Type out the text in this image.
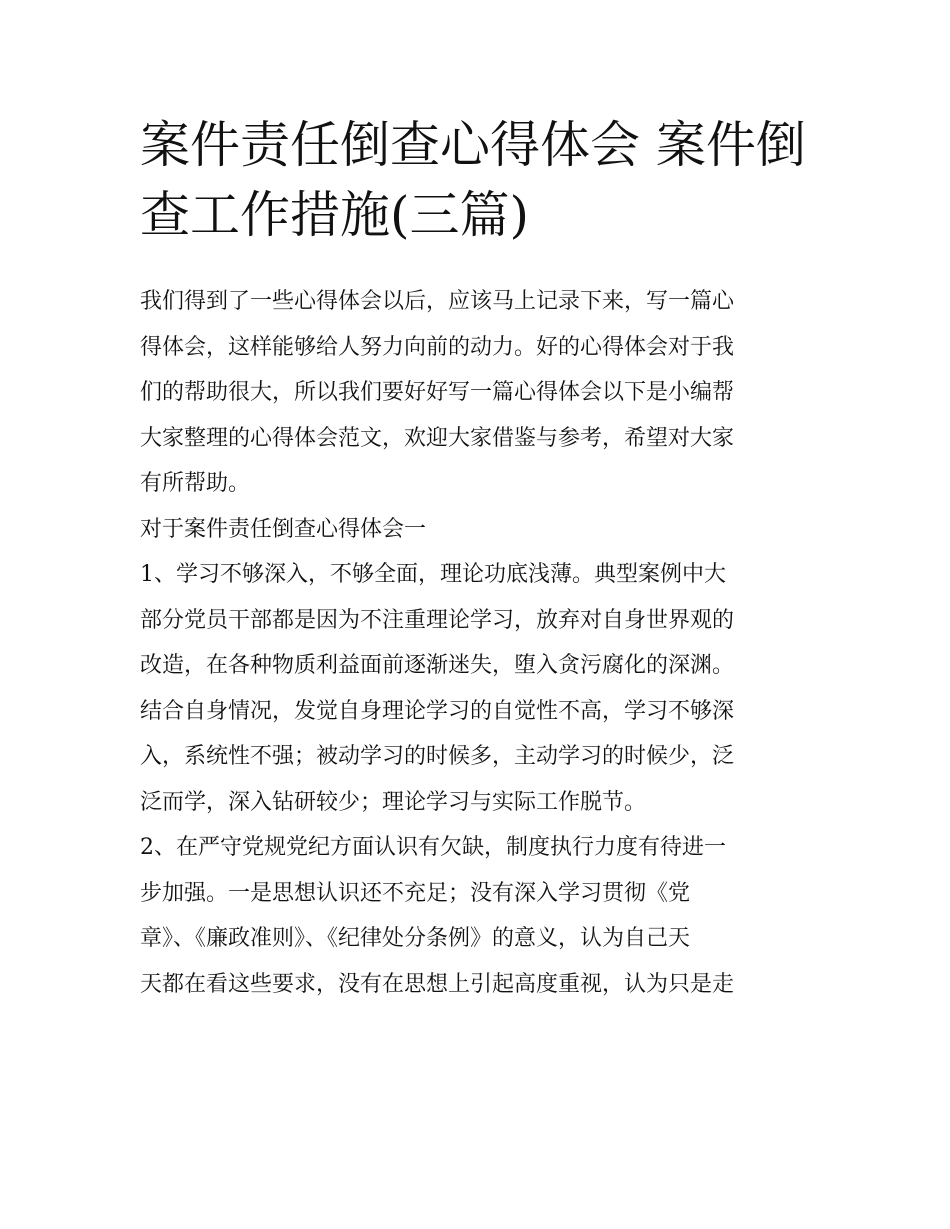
案件责任倒查心得体会 案件倒
查工作措施(三篇)

我们得到了一些心得体会以后，应该马上记录下来，写一篇心
得体会，这样能够给人努力向前的动力。好的心得体会对于我
们的帮助很大，所以我们要好好写一篇心得体会以下是小编帮
大家整理的心得体会范文，欢迎大家借鉴与参考，希望对大家
有所帮助。

对于案件责任倒查心得体会一

1、学习不够深入，不够全面，理论功底浅薄。典型案例中大
部分党员干部都是因为不注重理论学习，放弃对自身世界观的
改造，在各种物质利益面前逐渐迷失，堕入贪污腐化的深渊。
结合自身情况，发觉自身理论学习的自觉性不高，学习不够深
入，系统性不强；被动学习的时候多，主动学习的时候少，泛
泛而学，深入钻研较少；理论学习与实际工作脱节。

2、在严守党规党纪方面认识有欠缺，制度执行力度有待进一
步加强。一是思想认识还不充足；没有深入学习贯彻《党
章》、《廉政准则》、《纪律处分条例》的意义，认为自己天
天都在看这些要求，没有在思想上引起高度重视，认为只是走
